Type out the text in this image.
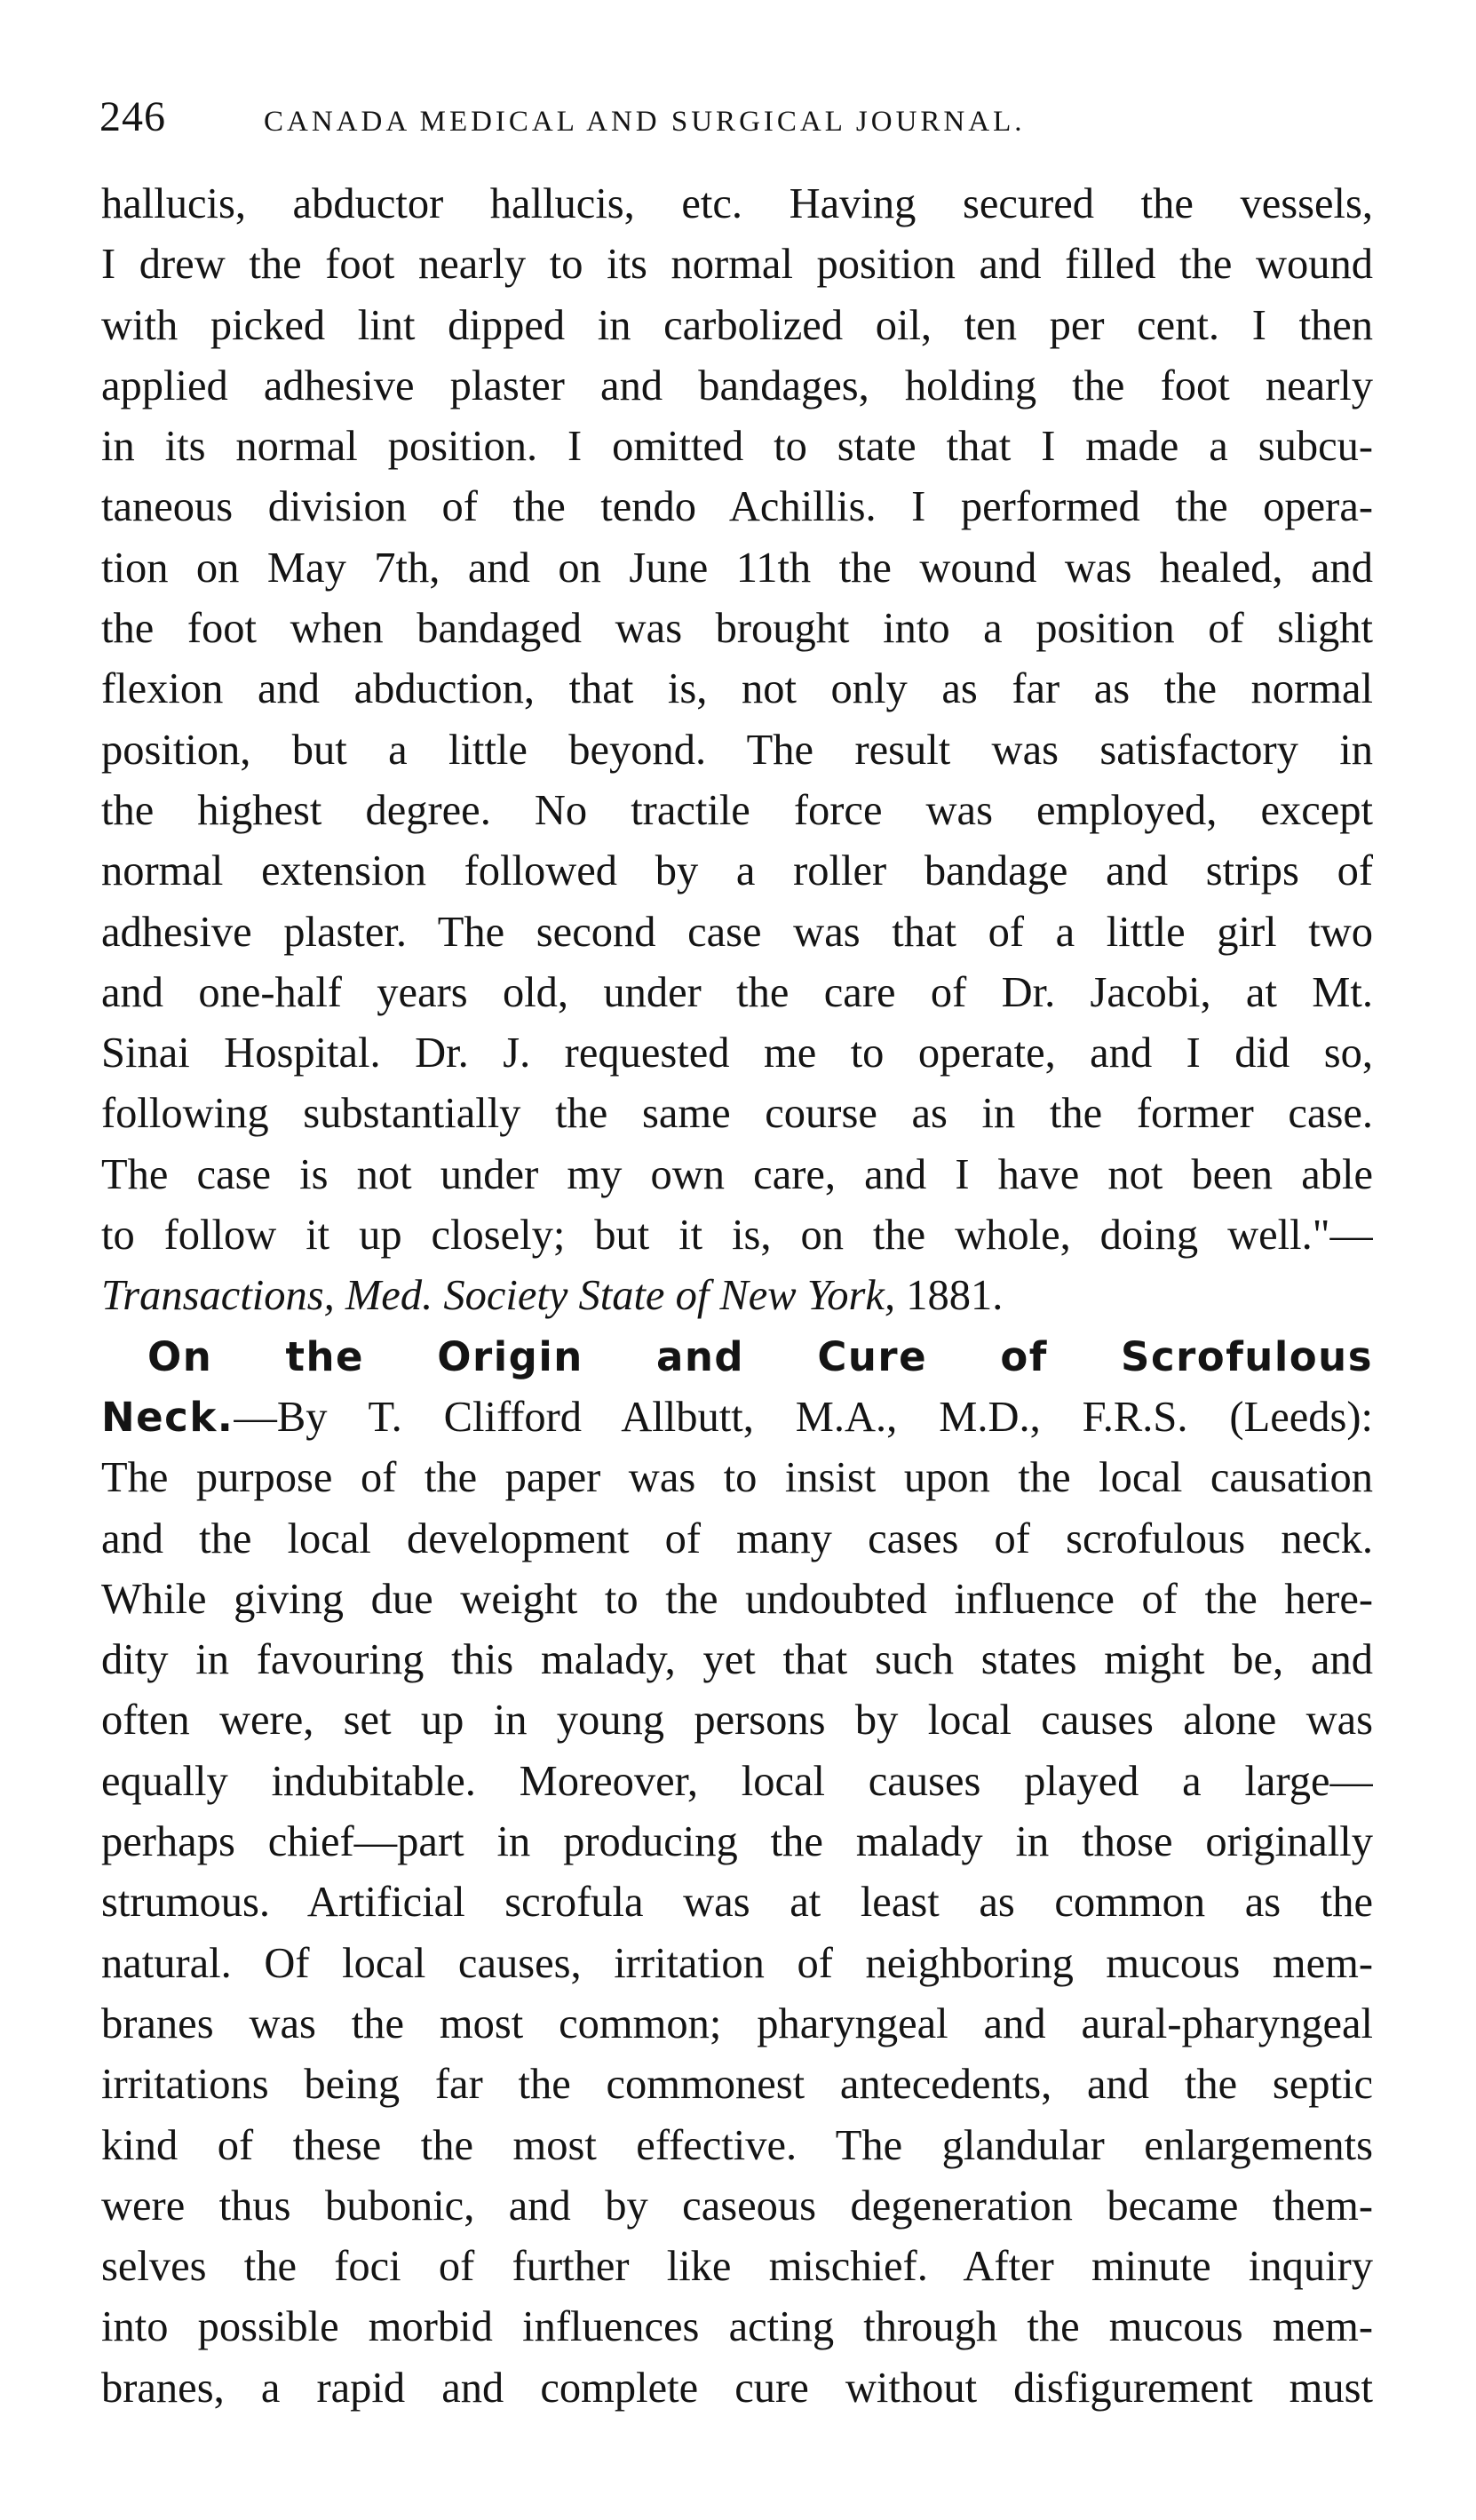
246	CANADA MEDICAL AND SURGICAL JOURNAL.
hallucis, abductor hallucis, etc. Having secured the vessels,
I drew the foot nearly to its normal position and filled the wound
with picked lint dipped in carbolized oil, ten per cent. I then
applied adhesive plaster and bandages, holding the foot nearly
in its normal position. I omitted to state that I made a subcu-
taneous division of the tendo Achillis. I performed the opera-
tion on May 7th, and on June 11th the wound was healed, and
the foot when bandaged was brought into a position of slight
flexion and abduction, that is, not only as far as the normal
position, but a little beyond. The result was satisfactory in
the highest degree. No tractile force was employed, except
normal extension followed by a roller bandage and strips of
adhesive plaster. The second case was that of a little girl two
and one-half years old, under the care of Dr. Jacobi, at Mt.
Sinai Hospital. Dr. J. requested me to operate, and I did so,
following substantially the same course as in the former case.
The case is not under my own care, and I have not been able
to follow it up closely; but it is, on the whole, doing well."—
Transactions, Med. Society State of New York, 1881.
On the Origin and Cure of Scrofulous
Neck.—By T. Clifford Allbutt, M.A., M.D., F.R.S. (Leeds):
The purpose of the paper was to insist upon the local causation
and the local development of many cases of scrofulous neck.
While giving due weight to the undoubted influence of the here-
dity in favouring this malady, yet that such states might be, and
often were, set up in young persons by local causes alone was
equally indubitable. Moreover, local causes played a large—
perhaps chief—part in producing the malady in those originally
strumous. Artificial scrofula was at least as common as the
natural. Of local causes, irritation of neighboring mucous mem-
branes was the most common; pharyngeal and aural-pharyngeal
irritations being far the commonest antecedents, and the septic
kind of these the most effective. The glandular enlargements
were thus bubonic, and by caseous degeneration became them-
selves the foci of further like mischief. After minute inquiry
into possible morbid influences acting through the mucous mem-
branes, a rapid and complete cure without disfigurement must
